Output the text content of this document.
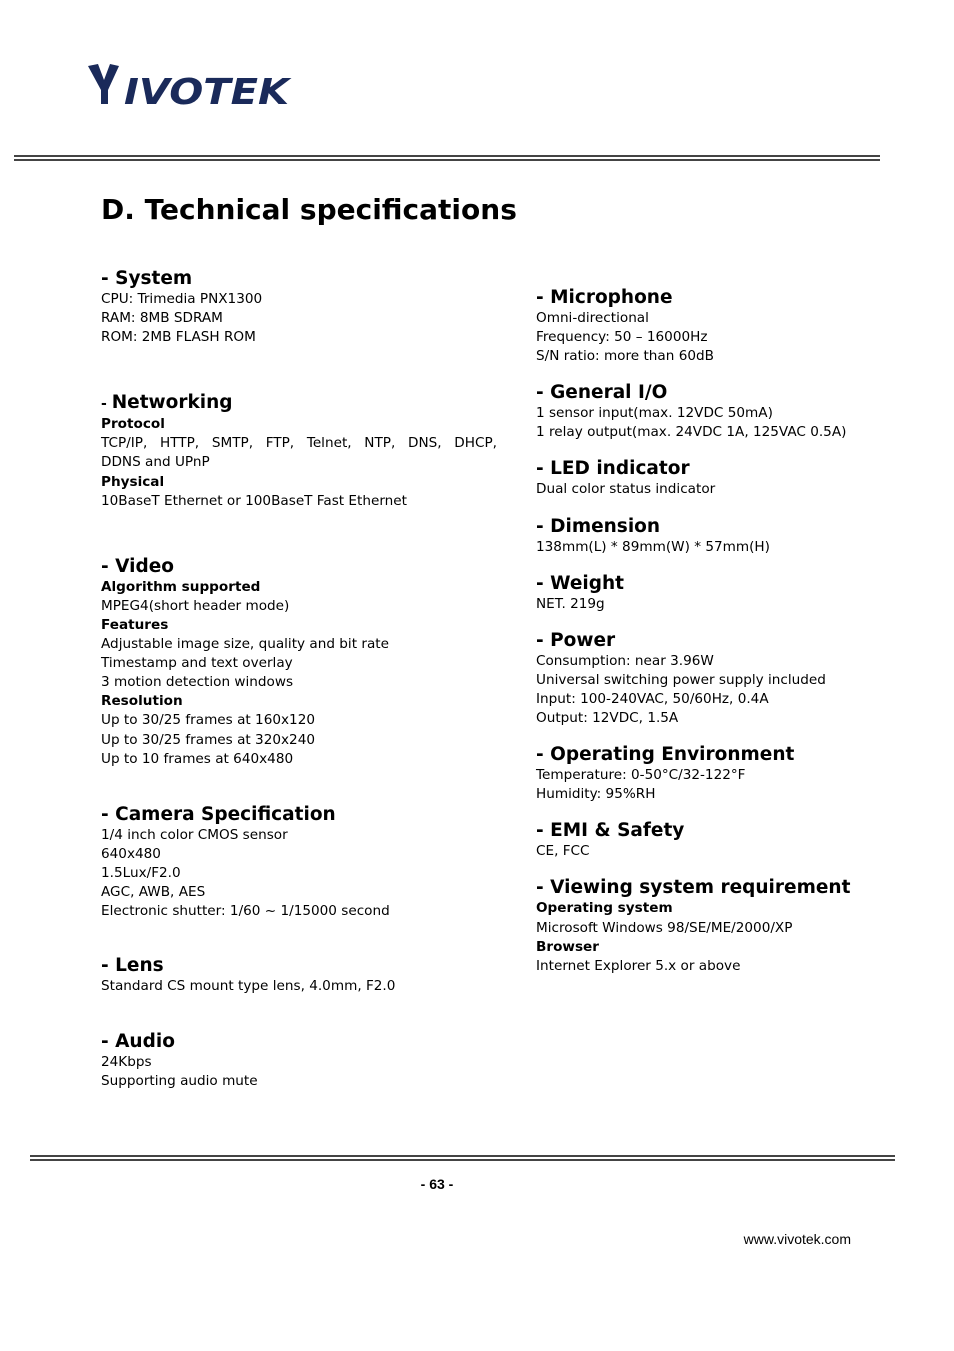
IVOTEK
D. Technical specifications
- System
CPU: Trimedia PNX1300
RAM: 8MB SDRAM
ROM: 2MB FLASH ROM
- Networking
Protocol
TCP/IP, HTTP, SMTP, FTP, Telnet, NTP, DNS, DHCP,
DDNS and UPnP
Physical
10BaseT Ethernet or 100BaseT Fast Ethernet
- Video
Algorithm supported
MPEG4(short header mode)
Features
Adjustable image size, quality and bit rate
Timestamp and text overlay
3 motion detection windows
Resolution
Up to 30/25 frames at 160x120
Up to 30/25 frames at 320x240
Up to 10 frames at 640x480
- Camera Specification
1/4 inch color CMOS sensor
640x480
1.5Lux/F2.0
AGC, AWB, AES
Electronic shutter: 1/60 ~ 1/15000 second
- Lens
Standard CS mount type lens, 4.0mm, F2.0
- Audio
24Kbps
Supporting audio mute
- Microphone
Omni-directional
Frequency: 50 – 16000Hz
S/N ratio: more than 60dB
- General I/O
1 sensor input(max. 12VDC 50mA)
1 relay output(max. 24VDC 1A, 125VAC 0.5A)
- LED indicator
Dual color status indicator
- Dimension
138mm(L) * 89mm(W) * 57mm(H)
- Weight
NET. 219g
- Power
Consumption: near 3.96W
Universal switching power supply included
Input: 100-240VAC, 50/60Hz, 0.4A
Output: 12VDC, 1.5A
- Operating Environment
Temperature: 0-50°C/32-122°F
Humidity: 95%RH
- EMI & Safety
CE, FCC
- Viewing system requirement
Operating system
Microsoft Windows 98/SE/ME/2000/XP
Browser
Internet Explorer 5.x or above
- 63 -
www.vivotek.com
